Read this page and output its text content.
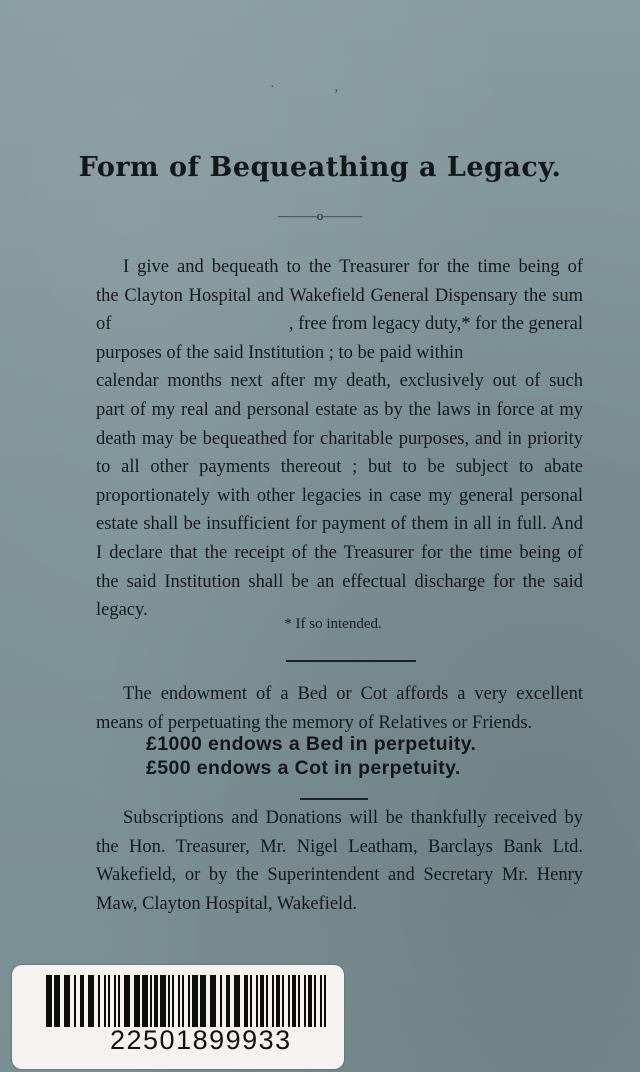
·,
Form of Bequeathing a Legacy.
———o———
I give and bequeath to the Treasurer for the time being of
the Clayton Hospital and Wakefield General Dispensary the sum
of	, free from legacy duty,* for the general
purposes of the said Institution ; to be paid within
calendar months next after my death, exclusively out of such
part of my real and personal estate as by the laws in force at my
death may be bequeathed for charitable purposes, and in priority
to all other payments thereout ; but to be subject to abate
proportionately with other legacies in case my general personal
estate shall be insufficient for payment of them in all in full. And
I declare that the receipt of the Treasurer for the time being of
the said Institution shall be an effectual discharge for the said
legacy.
* If so intended.
The endowment of a Bed or Cot affords a very excellent
means of perpetuating the memory of Relatives or Friends.
£1000 endows a Bed in perpetuity.
£500 endows a Cot in perpetuity.
Subscriptions and Donations will be thankfully received by
the Hon. Treasurer, Mr. Nigel Leatham, Barclays Bank Ltd.
Wakefield, or by the Superintendent and Secretary Mr. Henry
Maw, Clayton Hospital, Wakefield.
22501899933
